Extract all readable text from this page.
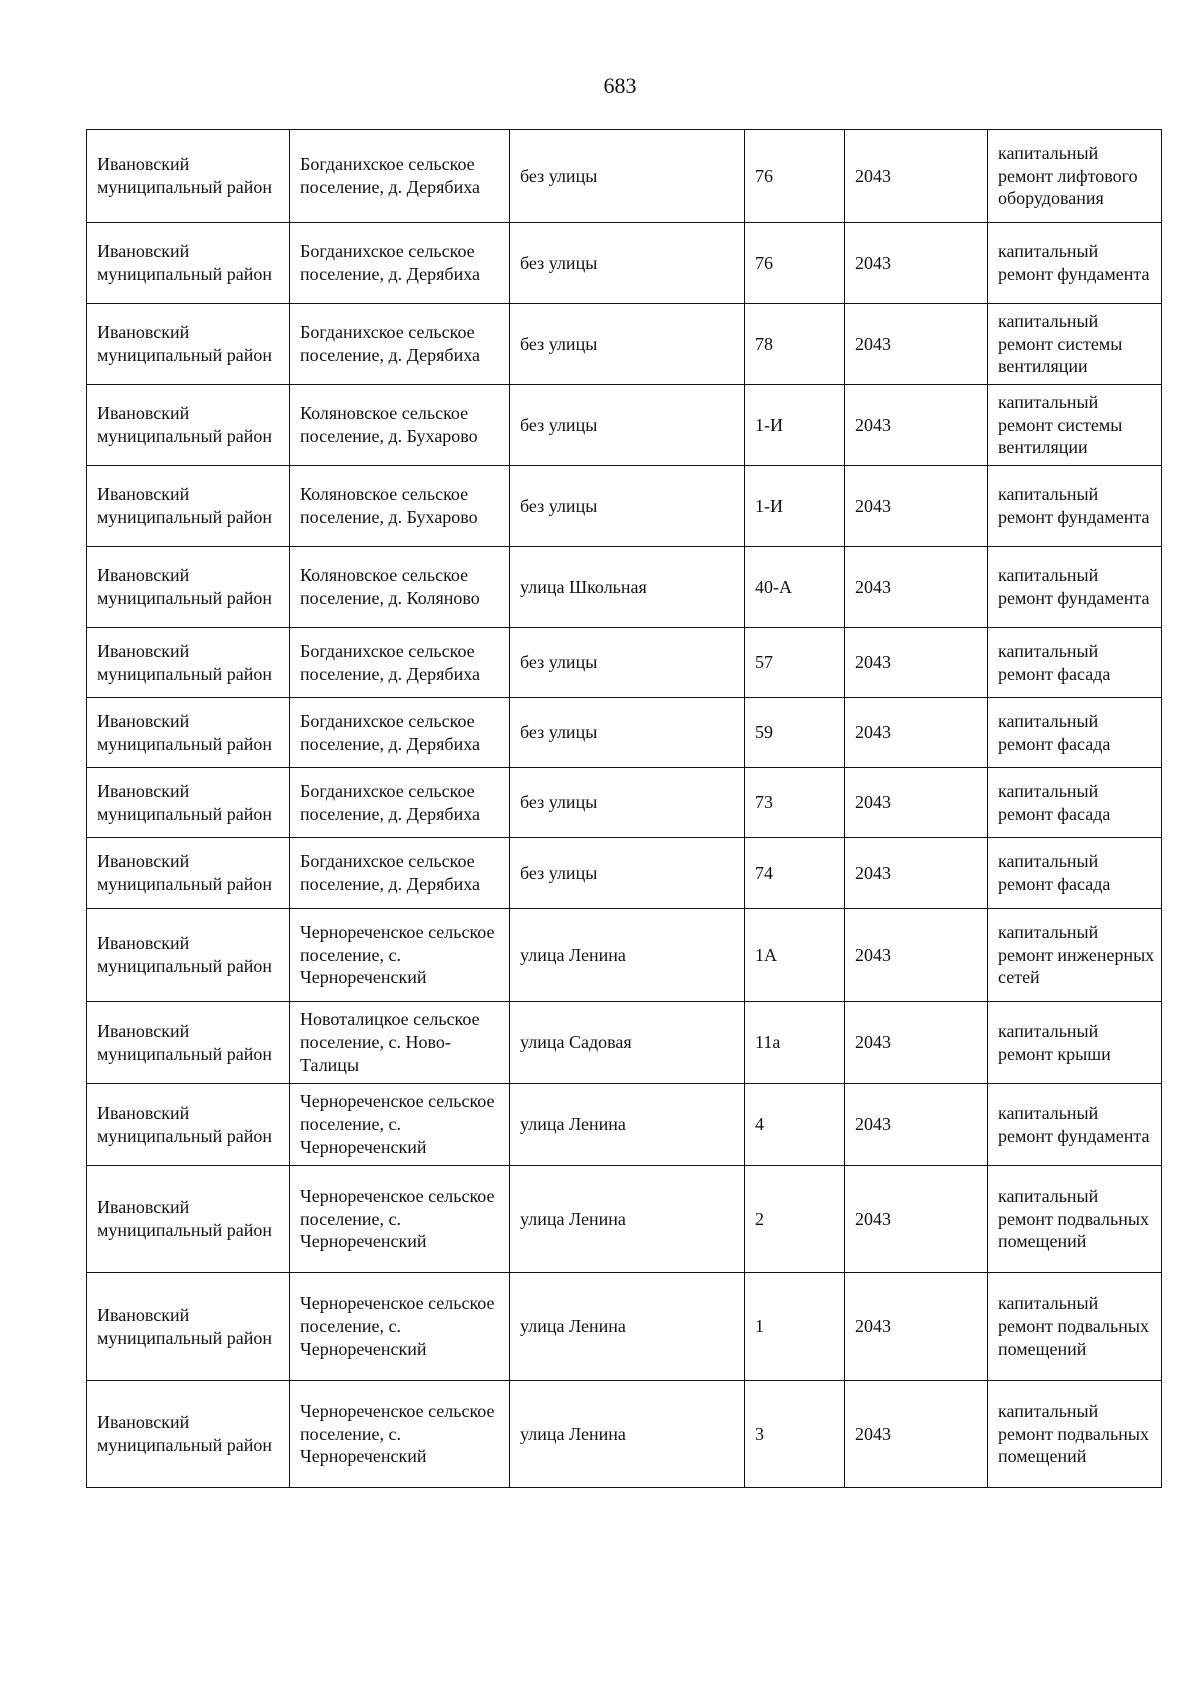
683
Ивановский муниципальный район	Богданихское сельское поселение, д. Дерябиха	без улицы	76	2043	капитальный ремонт лифтового оборудования
Ивановский муниципальный район	Богданихское сельское поселение, д. Дерябиха	без улицы	76	2043	капитальный ремонт фундамента
Ивановский муниципальный район	Богданихское сельское поселение, д. Дерябиха	без улицы	78	2043	капитальный ремонт системы вентиляции
Ивановский муниципальный район	Коляновское сельское поселение, д. Бухарово	без улицы	1-И	2043	капитальный ремонт системы вентиляции
Ивановский муниципальный район	Коляновское сельское поселение, д. Бухарово	без улицы	1-И	2043	капитальный ремонт фундамента
Ивановский муниципальный район	Коляновское сельское поселение, д. Коляново	улица Школьная	40-А	2043	капитальный ремонт фундамента
Ивановский муниципальный район	Богданихское сельское поселение, д. Дерябиха	без улицы	57	2043	капитальный ремонт фасада
Ивановский муниципальный район	Богданихское сельское поселение, д. Дерябиха	без улицы	59	2043	капитальный ремонт фасада
Ивановский муниципальный район	Богданихское сельское поселение, д. Дерябиха	без улицы	73	2043	капитальный ремонт фасада
Ивановский муниципальный район	Богданихское сельское поселение, д. Дерябиха	без улицы	74	2043	капитальный ремонт фасада
Ивановский муниципальный район	Чернореченское сельское поселение, с. Чернореченский	улица Ленина	1А	2043	капитальный ремонт инженерных сетей
Ивановский муниципальный район	Новоталицкое сельское поселение, с. Ново-Талицы	улица Садовая	11а	2043	капитальный ремонт крыши
Ивановский муниципальный район	Чернореченское сельское поселение, с. Чернореченский	улица Ленина	4	2043	капитальный ремонт фундамента
Ивановский муниципальный район	Чернореченское сельское поселение, с. Чернореченский	улица Ленина	2	2043	капитальный ремонт подвальных помещений
Ивановский муниципальный район	Чернореченское сельское поселение, с. Чернореченский	улица Ленина	1	2043	капитальный ремонт подвальных помещений
Ивановский муниципальный район	Чернореченское сельское поселение, с. Чернореченский	улица Ленина	3	2043	капитальный ремонт подвальных помещений
